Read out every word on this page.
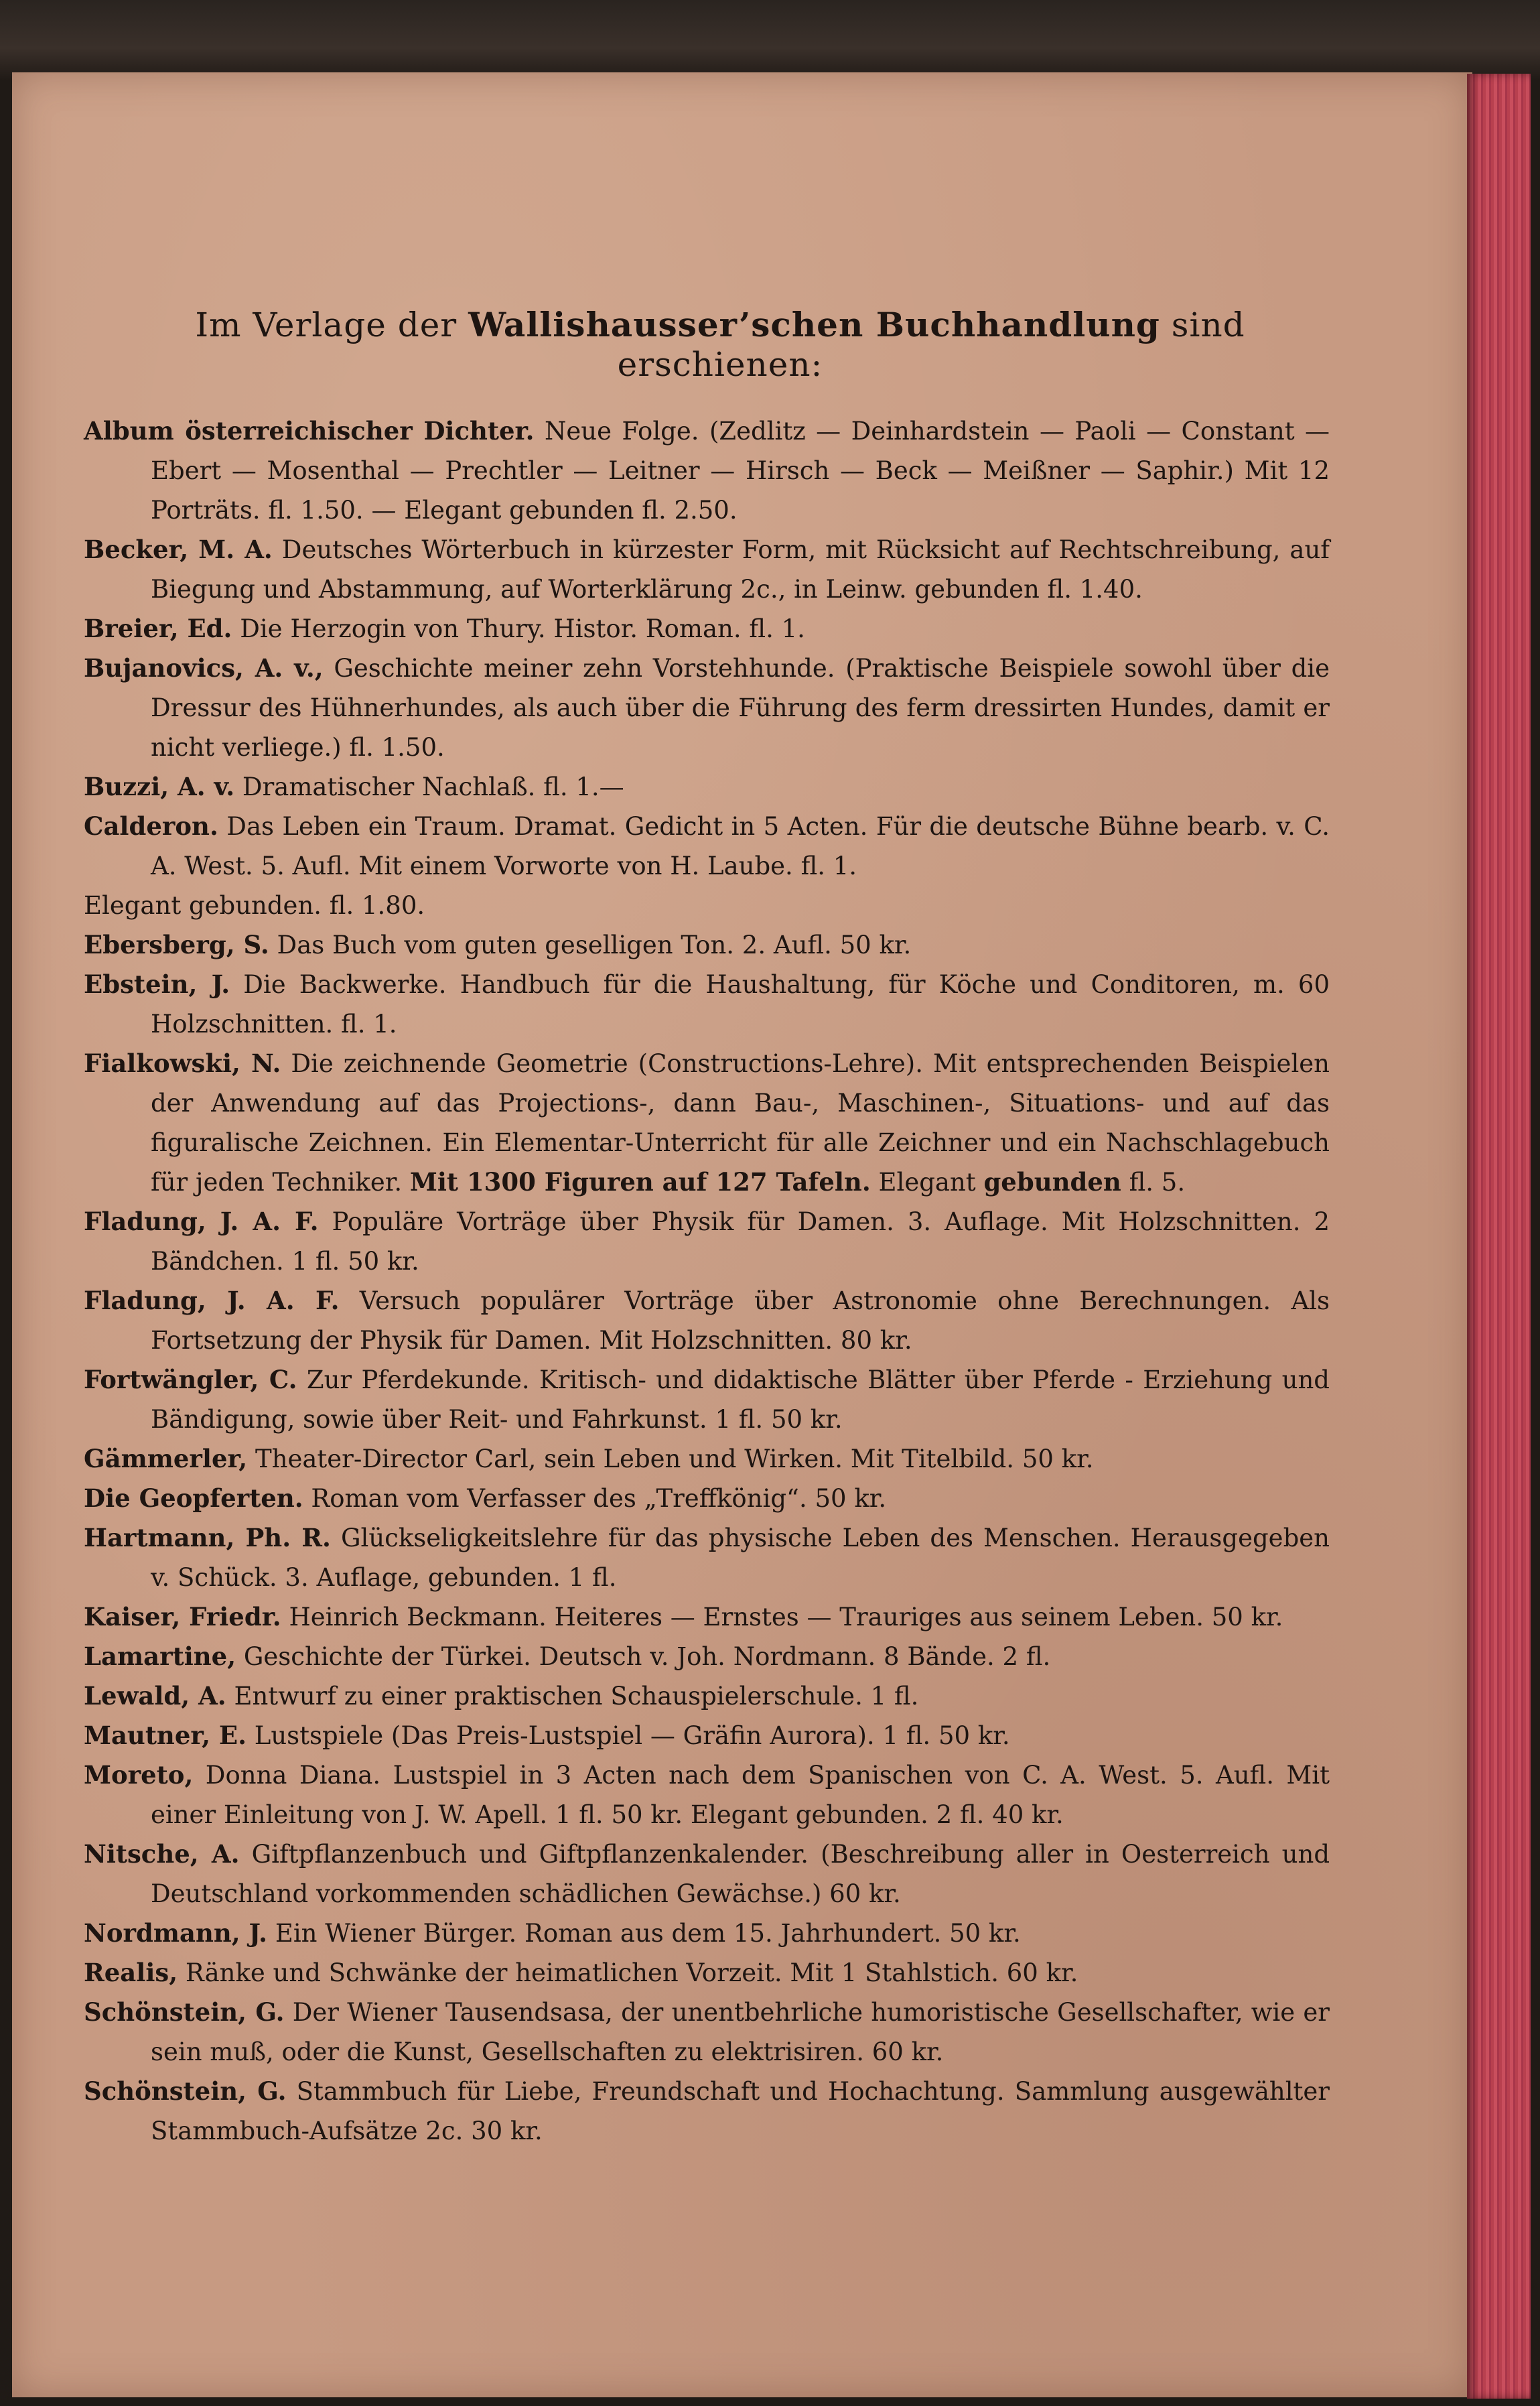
Im Verlage der Wallishausser’schen Buchhandlung sind erschienen:
Album österreichischer Dichter. Neue Folge. (Zedlitz — Deinhardstein — Paoli — Constant — Ebert — Mosenthal — Prechtler — Leitner — Hirsch — Beck — Meißner — Saphir.) Mit 12 Porträts. fl. 1.50. — Elegant gebunden fl. 2.50.
Becker, M. A. Deutsches Wörterbuch in kürzester Form, mit Rücksicht auf Rechtschreibung, auf Biegung und Abstammung, auf Worterklärung 2c., in Leinw. gebunden fl. 1.40.
Breier, Ed. Die Herzogin von Thury. Histor. Roman. fl. 1.
Bujanovics, A. v., Geschichte meiner zehn Vorstehhunde. (Praktische Beispiele sowohl über die Dressur des Hühnerhundes, als auch über die Führung des ferm dressirten Hundes, damit er nicht verliege.) fl. 1.50.
Buzzi, A. v. Dramatischer Nachlaß. fl. 1.—
Calderon. Das Leben ein Traum. Dramat. Gedicht in 5 Acten. Für die deutsche Bühne bearb. v. C. A. West. 5. Aufl. Mit einem Vorworte von H. Laube. fl. 1.
Elegant gebunden. fl. 1.80.
Ebersberg, S. Das Buch vom guten geselligen Ton. 2. Aufl. 50 kr.
Ebstein, J. Die Backwerke. Handbuch für die Haushaltung, für Köche und Conditoren, m. 60 Holzschnitten. fl. 1.
Fialkowski, N. Die zeichnende Geometrie (Constructions-Lehre). Mit entsprechenden Beispielen der Anwendung auf das Projections-, dann Bau-, Maschinen-, Situations- und auf das figuralische Zeichnen. Ein Elementar-Unterricht für alle Zeichner und ein Nachschlagebuch für jeden Techniker. Mit 1300 Figuren auf 127 Tafeln. Elegant gebunden fl. 5.
Fladung, J. A. F. Populäre Vorträge über Physik für Damen. 3. Auflage. Mit Holzschnitten. 2 Bändchen. 1 fl. 50 kr.
Fladung, J. A. F. Versuch populärer Vorträge über Astronomie ohne Berechnungen. Als Fortsetzung der Physik für Damen. Mit Holzschnitten. 80 kr.
Fortwängler, C. Zur Pferdekunde. Kritisch- und didaktische Blätter über Pferde - Erziehung und Bändigung, sowie über Reit- und Fahrkunst. 1 fl. 50 kr.
Gämmerler, Theater-Director Carl, sein Leben und Wirken. Mit Titelbild. 50 kr.
Die Geopferten. Roman vom Verfasser des „Treffkönig“. 50 kr.
Hartmann, Ph. R. Glückseligkeitslehre für das physische Leben des Menschen. Herausgegeben v. Schück. 3. Auflage, gebunden. 1 fl.
Kaiser, Friedr. Heinrich Beckmann. Heiteres — Ernstes — Trauriges aus seinem Leben. 50 kr.
Lamartine, Geschichte der Türkei. Deutsch v. Joh. Nordmann. 8 Bände. 2 fl.
Lewald, A. Entwurf zu einer praktischen Schauspielerschule. 1 fl.
Mautner, E. Lustspiele (Das Preis-Lustspiel — Gräfin Aurora). 1 fl. 50 kr.
Moreto, Donna Diana. Lustspiel in 3 Acten nach dem Spanischen von C. A. West. 5. Aufl. Mit einer Einleitung von J. W. Apell. 1 fl. 50 kr. Elegant gebunden. 2 fl. 40 kr.
Nitsche, A. Giftpflanzenbuch und Giftpflanzenkalender. (Beschreibung aller in Oesterreich und Deutschland vorkommenden schädlichen Gewächse.) 60 kr.
Nordmann, J. Ein Wiener Bürger. Roman aus dem 15. Jahrhundert. 50 kr.
Realis, Ränke und Schwänke der heimatlichen Vorzeit. Mit 1 Stahlstich. 60 kr.
Schönstein, G. Der Wiener Tausendsasa, der unentbehrliche humoristische Gesellschafter, wie er sein muß, oder die Kunst, Gesellschaften zu elektrisiren. 60 kr.
Schönstein, G. Stammbuch für Liebe, Freundschaft und Hochachtung. Sammlung ausgewählter Stammbuch-Aufsätze 2c. 30 kr.
